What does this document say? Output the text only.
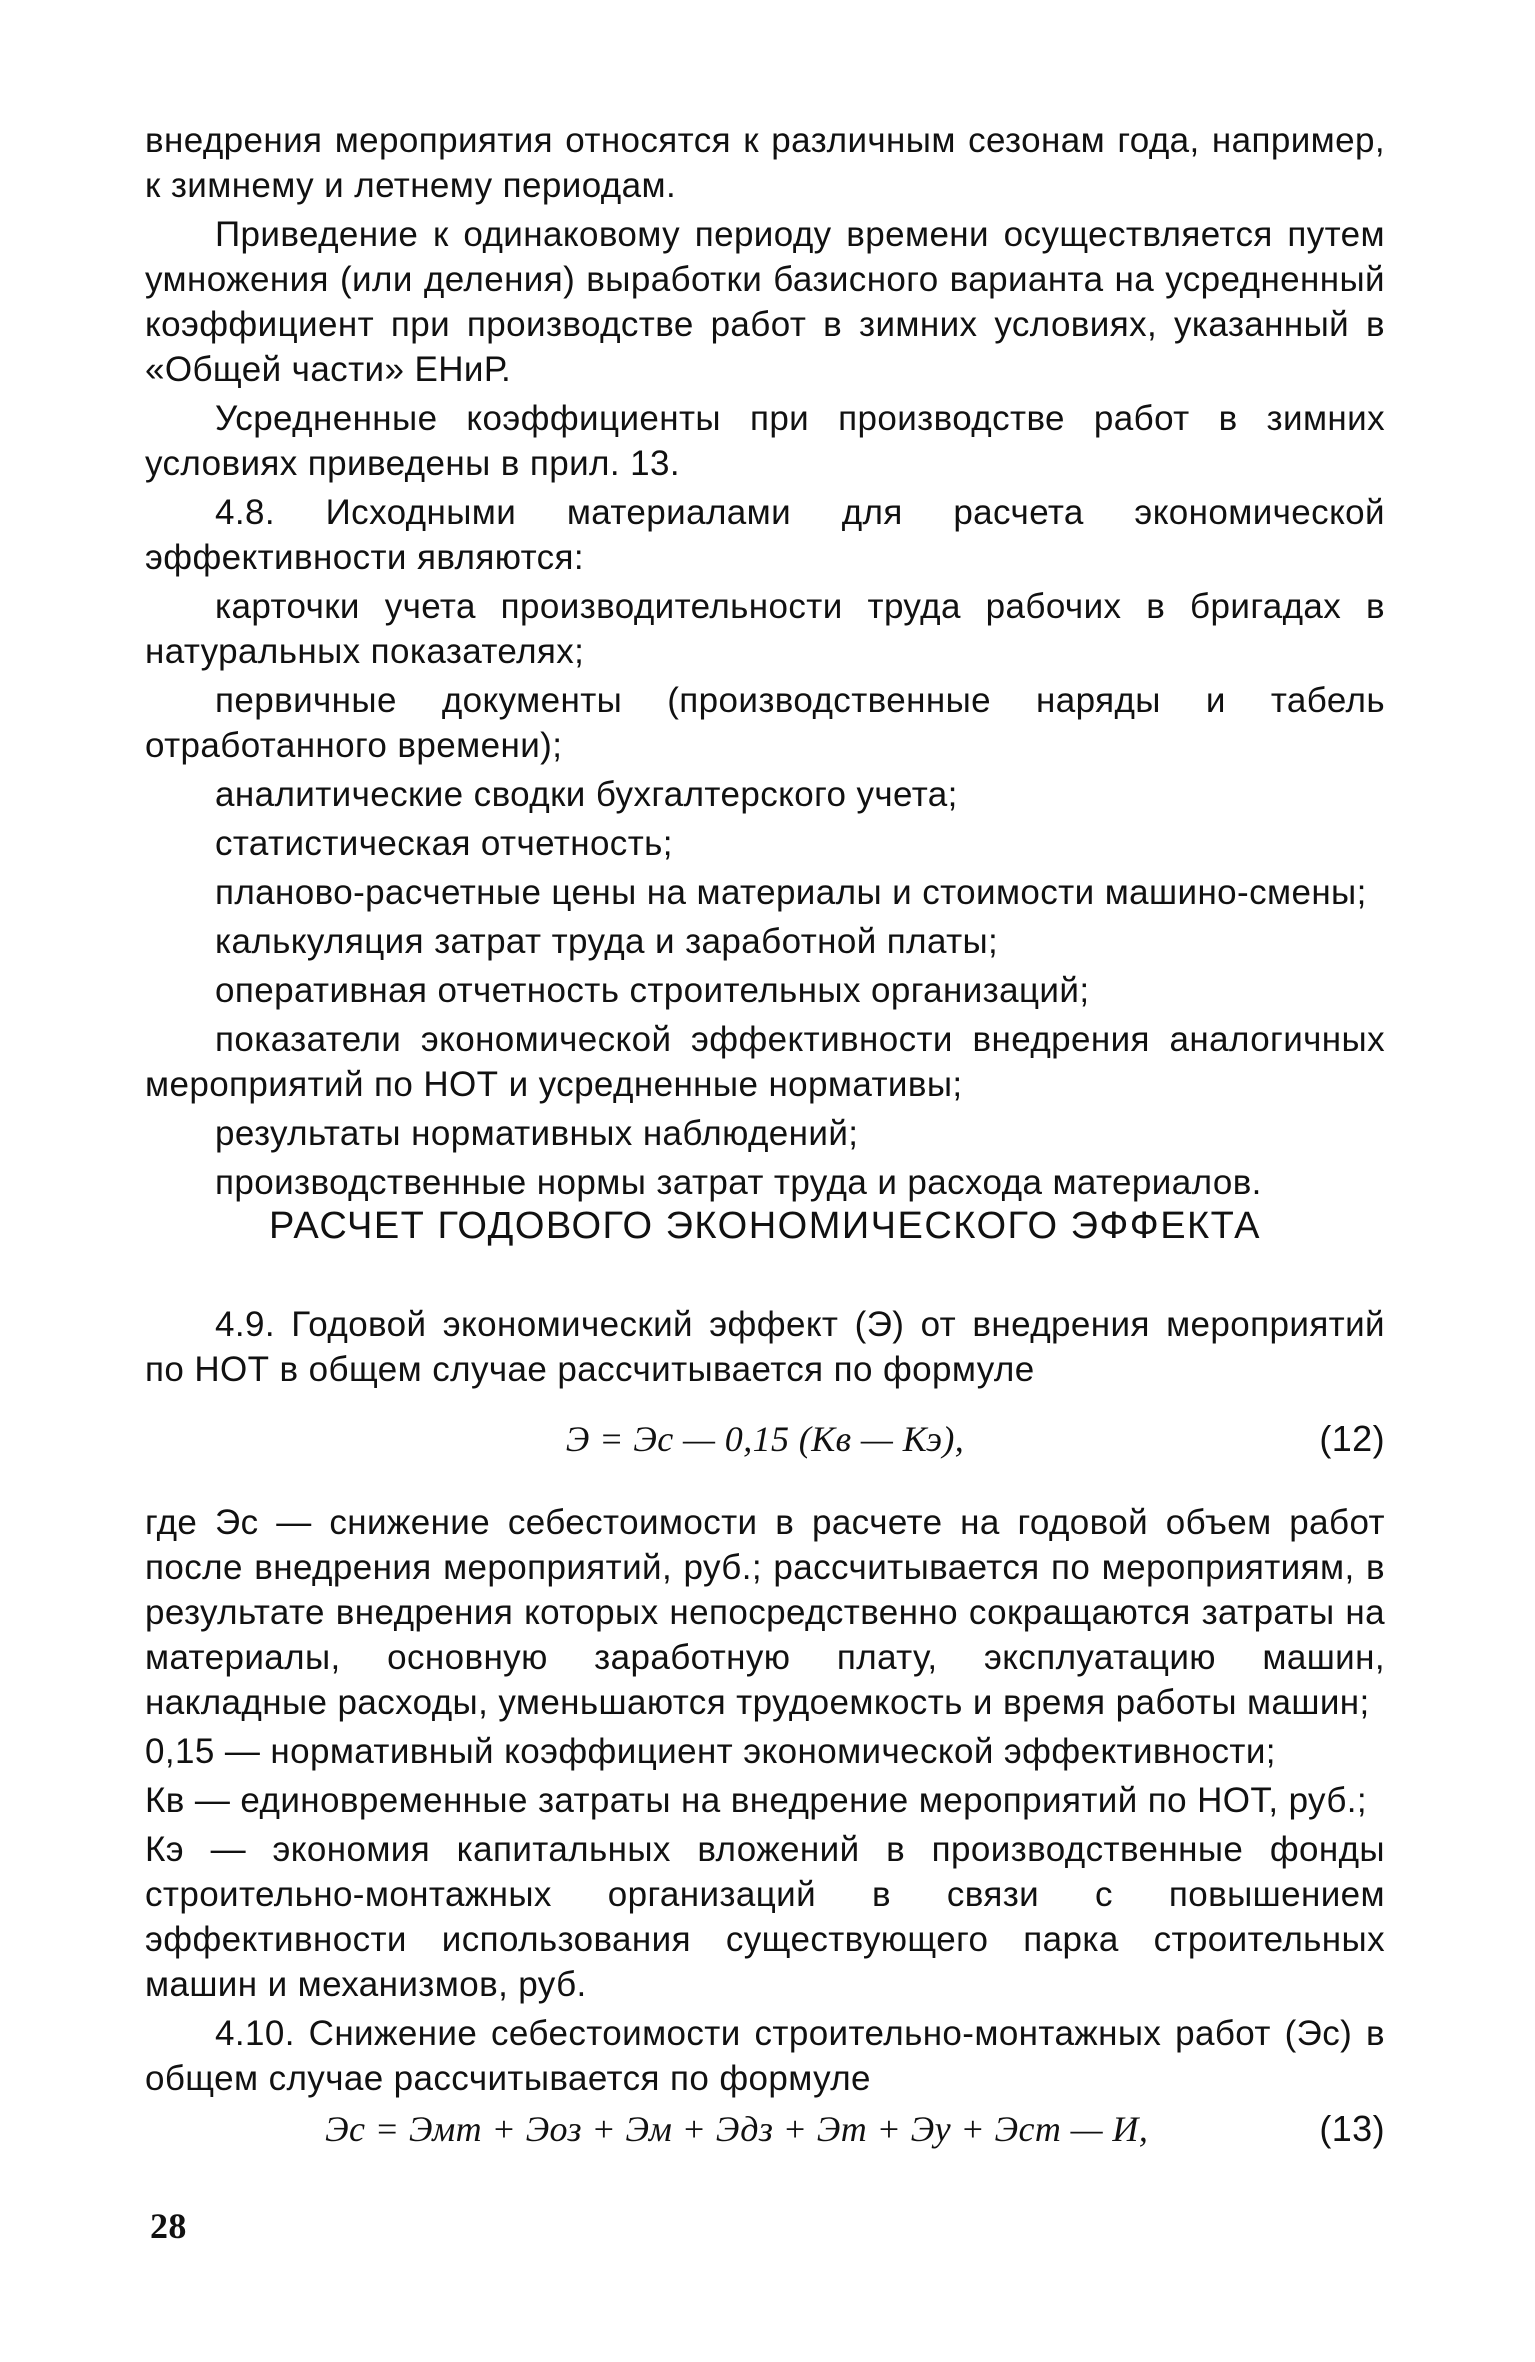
внедрения мероприятия относятся к различным сезонам года, например, к зимнему и летнему периодам.

Приведение к одинаковому периоду времени осуществляется путем умножения (или деления) выработки базисного варианта на усредненный коэффициент при производстве работ в зимних условиях, указанный в «Общей части» ЕНиР.

Усредненные коэффициенты при производстве работ в зимних условиях приведены в прил. 13.

4.8. Исходными материалами для расчета экономической эффективности являются:

карточки учета производительности труда рабочих в бригадах в натуральных показателях;

первичные документы (производственные наряды и табель отработанного времени);

аналитические сводки бухгалтерского учета;

статистическая отчетность;

планово-расчетные цены на материалы и стоимости машино-смены;

калькуляция затрат труда и заработной платы;

оперативная отчетность строительных организаций;

показатели экономической эффективности внедрения аналогичных мероприятий по НОТ и усредненные нормативы;

результаты нормативных наблюдений;

производственные нормы затрат труда и расхода материалов.

РАСЧЕТ ГОДОВОГО ЭКОНОМИЧЕСКОГО ЭФФЕКТА

4.9. Годовой экономический эффект (Э) от внедрения мероприятий по НОТ в общем случае рассчитывается по формуле

Э = Эс — 0,15 (Кв — Кэ),	(12)

где Эс — снижение себестоимости в расчете на годовой объем работ после внедрения мероприятий, руб.; рассчитывается по мероприятиям, в результате внедрения которых непосредственно сокращаются затраты на материалы, основную заработную плату, эксплуатацию машин, накладные расходы, уменьшаются трудоемкость и время работы машин;

0,15 — нормативный коэффициент экономической эффективности;

Кв — единовременные затраты на внедрение мероприятий по НОТ, руб.;

Кэ — экономия капитальных вложений в производственные фонды строительно-монтажных организаций в связи с повышением эффективности использования существующего парка строительных машин и механизмов, руб.

4.10. Снижение себестоимости строительно-монтажных работ (Эс) в общем случае рассчитывается по формуле

Эс = Эмт + Эоз + Эм + Эдз + Эт + Эу + Эст — И,	(13)
28
